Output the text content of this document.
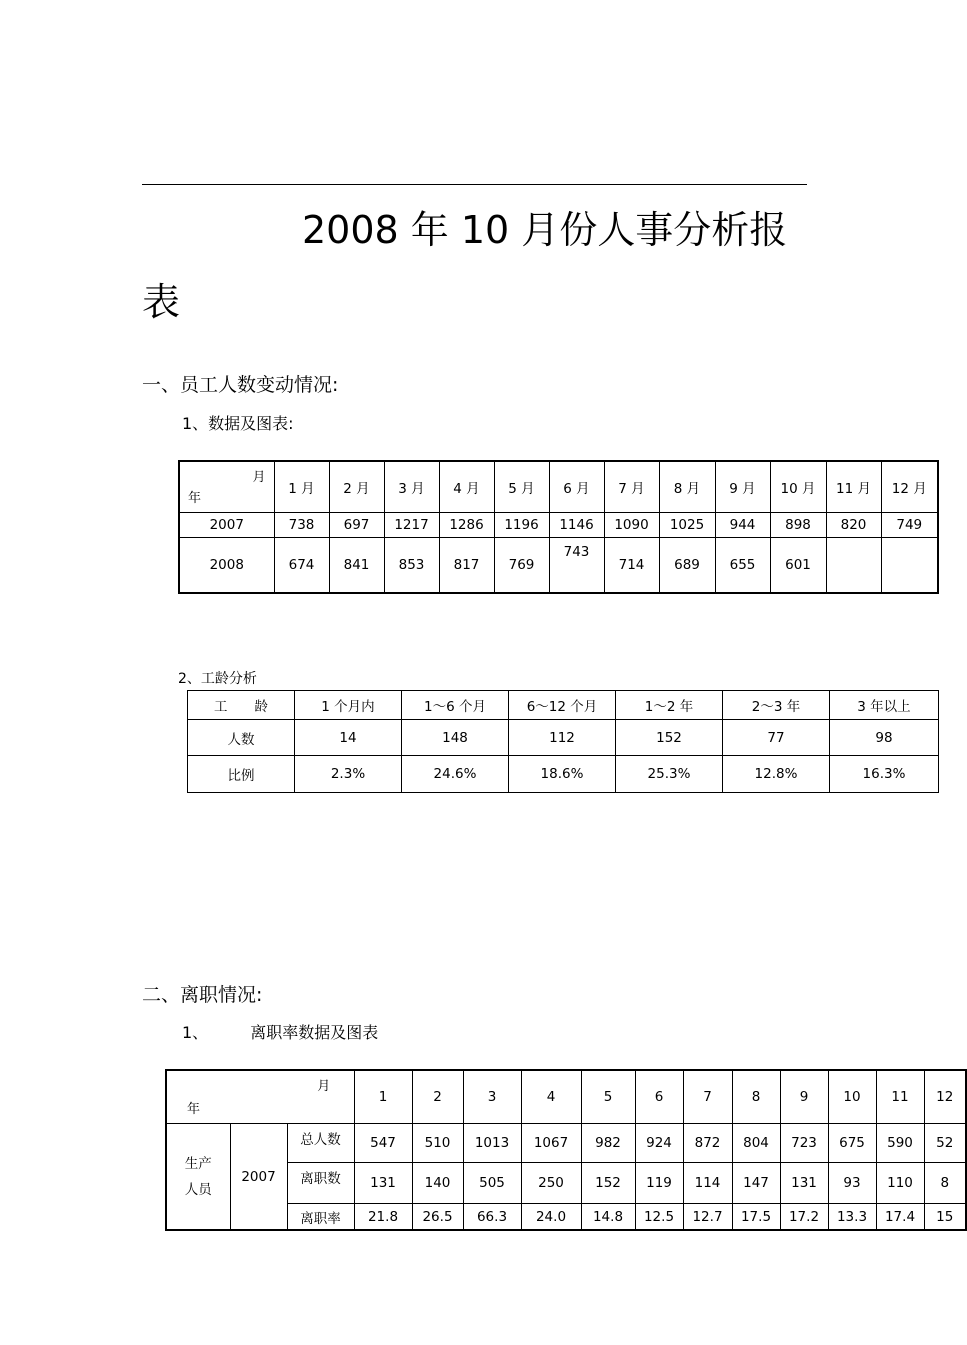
2008 年 10 月份人事分析报
表
一、员工人数变动情况:
1、数据及图表:
月
年	1 月	2 月	3 月	4 月	5 月	6 月	7 月	8 月	9 月	10 月	11 月	12 月
2007	738	697	1217	1286	1196	1146	1090	1025	944	898	820	749
2008	674	841	853	817	769	743	714	689	655	601		
2、工龄分析
工　　龄	1 个月内	1～6 个月	6～12 个月	1～2 年	2～3 年	3 年以上
人数	14	148	112	152	77	98
比例	2.3%	24.6%	18.6%	25.3%	12.8%	16.3%
二、离职情况:
1、	离职率数据及图表
月
年			1	2	3	4	5	6	7	8	9	10	11	12

生产
人员	2007	总人数	547	510	1013	1067	982	924	872	804	723	675	590	52
		离职数	131	140	505	250	152	119	114	147	131	93	110	8
		离职率	21.8	26.5	66.3	24.0	14.8	12.5	12.7	17.5	17.2	13.3	17.4	15
